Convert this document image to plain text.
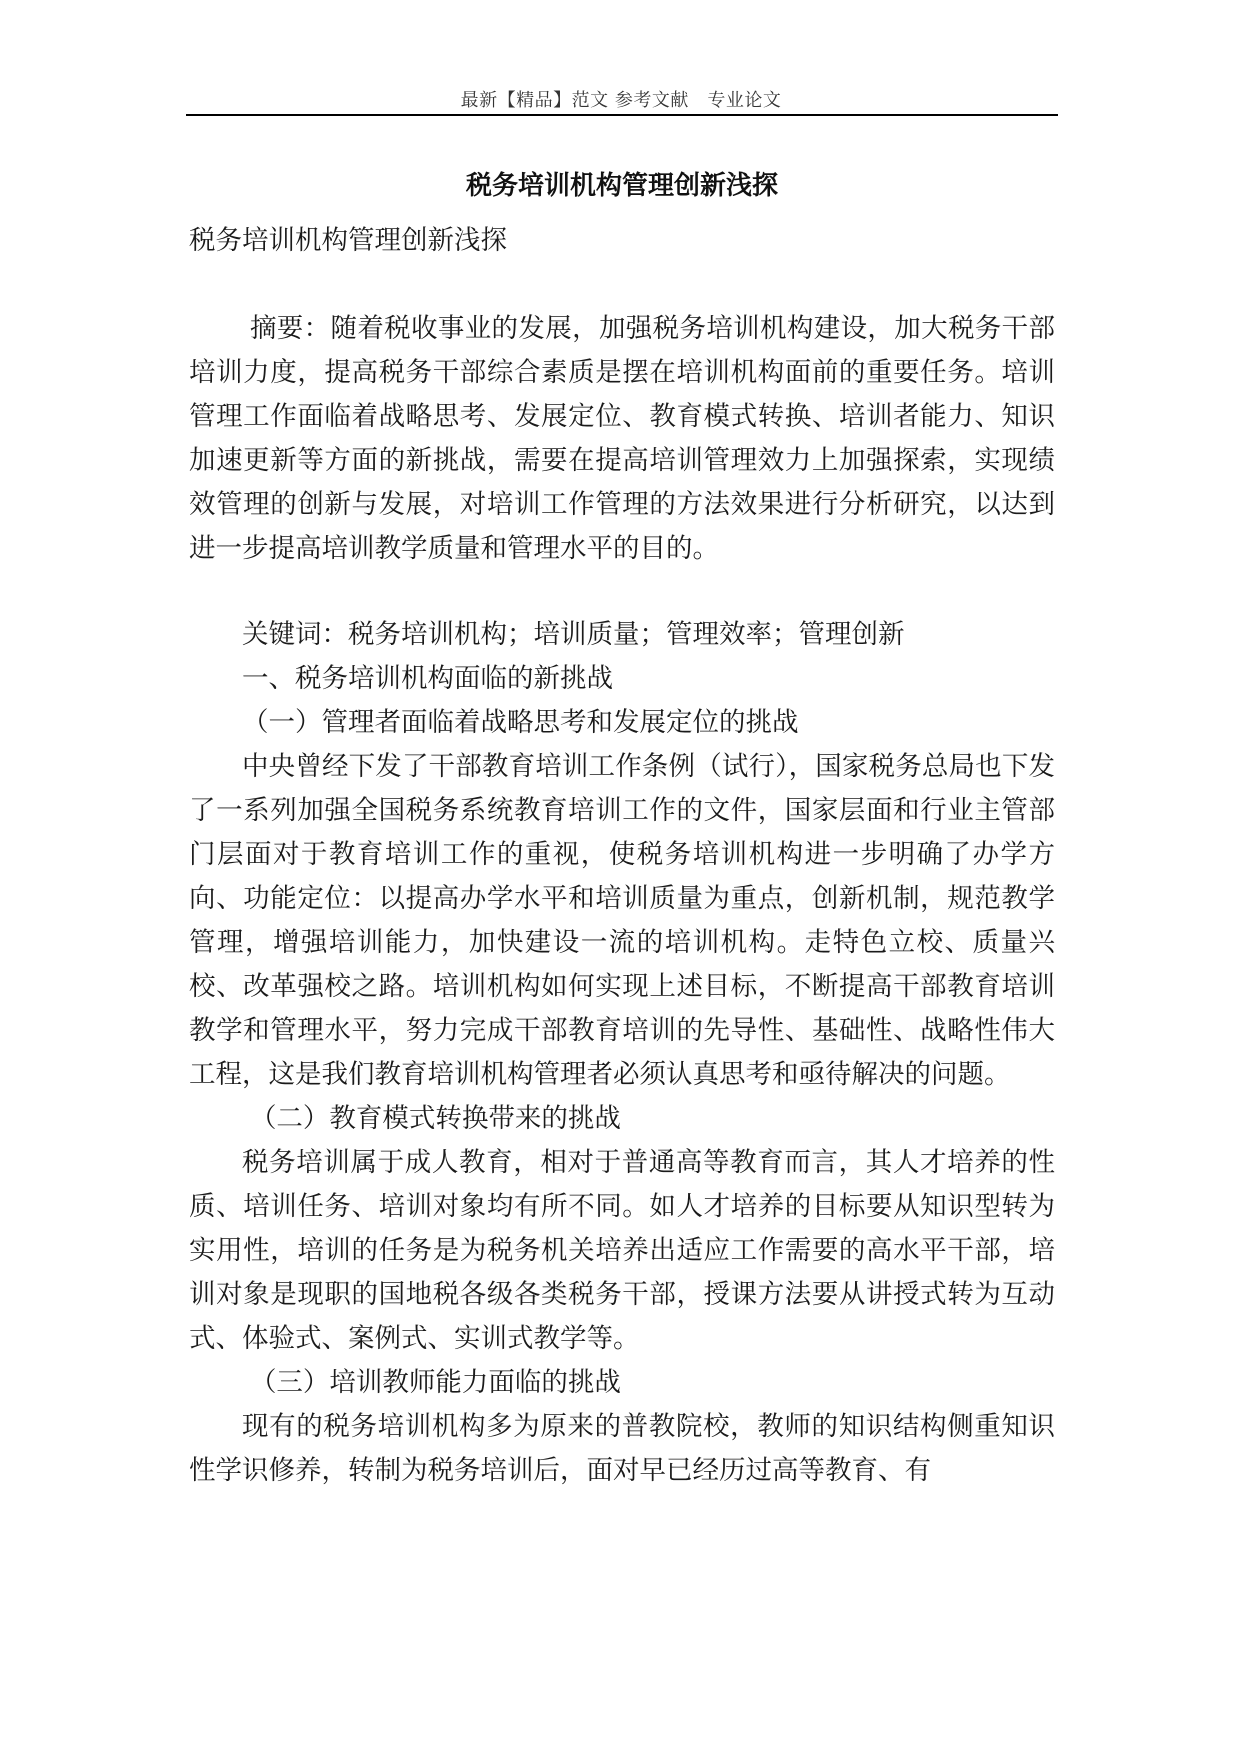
最新【精品】范文 参考文献　专业论文
税务培训机构管理创新浅探

税务培训机构管理创新浅探

摘要：随着税收事业的发展，加强税务培训机构建设，加大税务干部培训力度，提高税务干部综合素质是摆在培训机构面前的重要任务。培训管理工作面临着战略思考、发展定位、教育模式转换、培训者能力、知识加速更新等方面的新挑战，需要在提高培训管理效力上加强探索，实现绩效管理的创新与发展，对培训工作管理的方法效果进行分析研究，以达到进一步提高培训教学质量和管理水平的目的。

关键词：税务培训机构；培训质量；管理效率；管理创新

一、税务培训机构面临的新挑战

（一）管理者面临着战略思考和发展定位的挑战

中央曾经下发了干部教育培训工作条例（试行），国家税务总局也下发了一系列加强全国税务系统教育培训工作的文件，国家层面和行业主管部门层面对于教育培训工作的重视，使税务培训机构进一步明确了办学方向、功能定位：以提高办学水平和培训质量为重点，创新机制，规范教学管理，增强培训能力，加快建设一流的培训机构。走特色立校、质量兴校、改革强校之路。培训机构如何实现上述目标，不断提高干部教育培训教学和管理水平，努力完成干部教育培训的先导性、基础性、战略性伟大工程，这是我们教育培训机构管理者必须认真思考和亟待解决的问题。

（二）教育模式转换带来的挑战

税务培训属于成人教育，相对于普通高等教育而言，其人才培养的性质、培训任务、培训对象均有所不同。如人才培养的目标要从知识型转为实用性，培训的任务是为税务机关培养出适应工作需要的高水平干部，培训对象是现职的国地税各级各类税务干部，授课方法要从讲授式转为互动式、体验式、案例式、实训式教学等。

（三）培训教师能力面临的挑战

现有的税务培训机构多为原来的普教院校，教师的知识结构侧重知识性学识修养，转制为税务培训后，面对早已经历过高等教育、有
